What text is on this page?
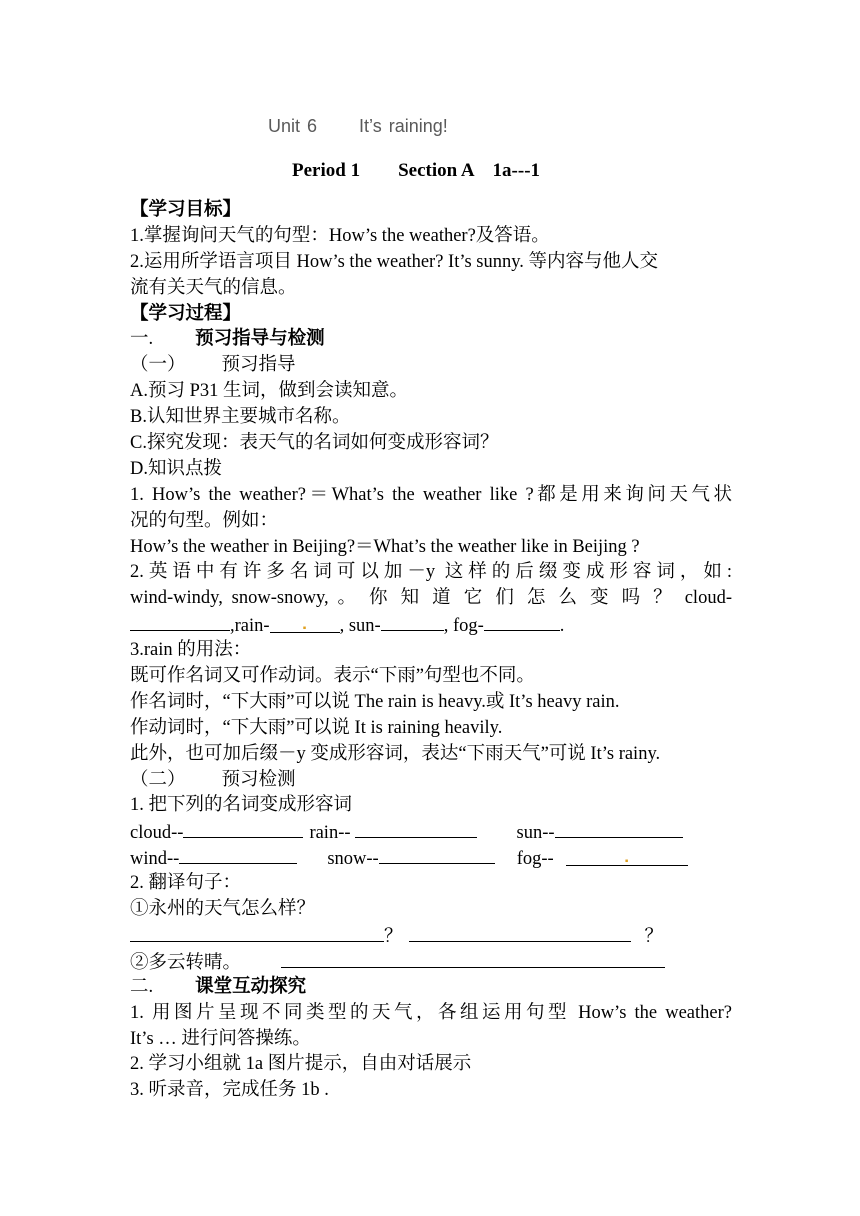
Unit 6      It’s raining!
Period 1        Section A    1a---1
【学习目标】
1.掌握询问天气的句型：How’s the weather?及答语。
2.运用所学语言项目 How’s the weather? It’s sunny. 等内容与他人交
流有关天气的信息。
【学习过程】
一. 预习指导与检测
（一） 预习指导
A.预习 P31 生词，做到会读知意。
B.认知世界主要城市名称。
C.探究发现：表天气的名词如何变成形容词？
D.知识点拨
1. How’s the weather?＝What’s the weather like ?都是用来询问天气状
况的句型。例如：
How’s the weather in Beijing?＝What’s the weather like in Beijing ?
2.英语中有许多名词可以加－y 这样的后缀变成形容词，如:
wind-windy, snow-snowy, 。 你 知 道 它 们 怎 么 变 吗 ？ cloud-
,rain-	▪ , sun-	, fog-	.
3.rain 的用法：
既可作名词又可作动词。表示“下雨”句型也不同。
作名词时，“下大雨”可以说 The rain is heavy.或 It’s heavy rain.
作动词时，“下大雨”可以说 It is raining heavily.
此外，也可加后缀－y 变成形容词，表达“下雨天气”可说 It’s rainy.
（二） 预习检测
1. 把下列的名词变成形容词
cloud--	rain--	sun--
wind--	snow--	fog--	▪
2. 翻译句子：
①永州的天气怎么样？
？	？
②多云转晴。
二. 课堂互动探究
1. 用图片呈现不同类型的天气，各组运用句型 How’s the weather?
It’s … 进行问答操练。
2. 学习小组就 1a 图片提示，自由对话展示
3. 听录音，完成任务 1b .
